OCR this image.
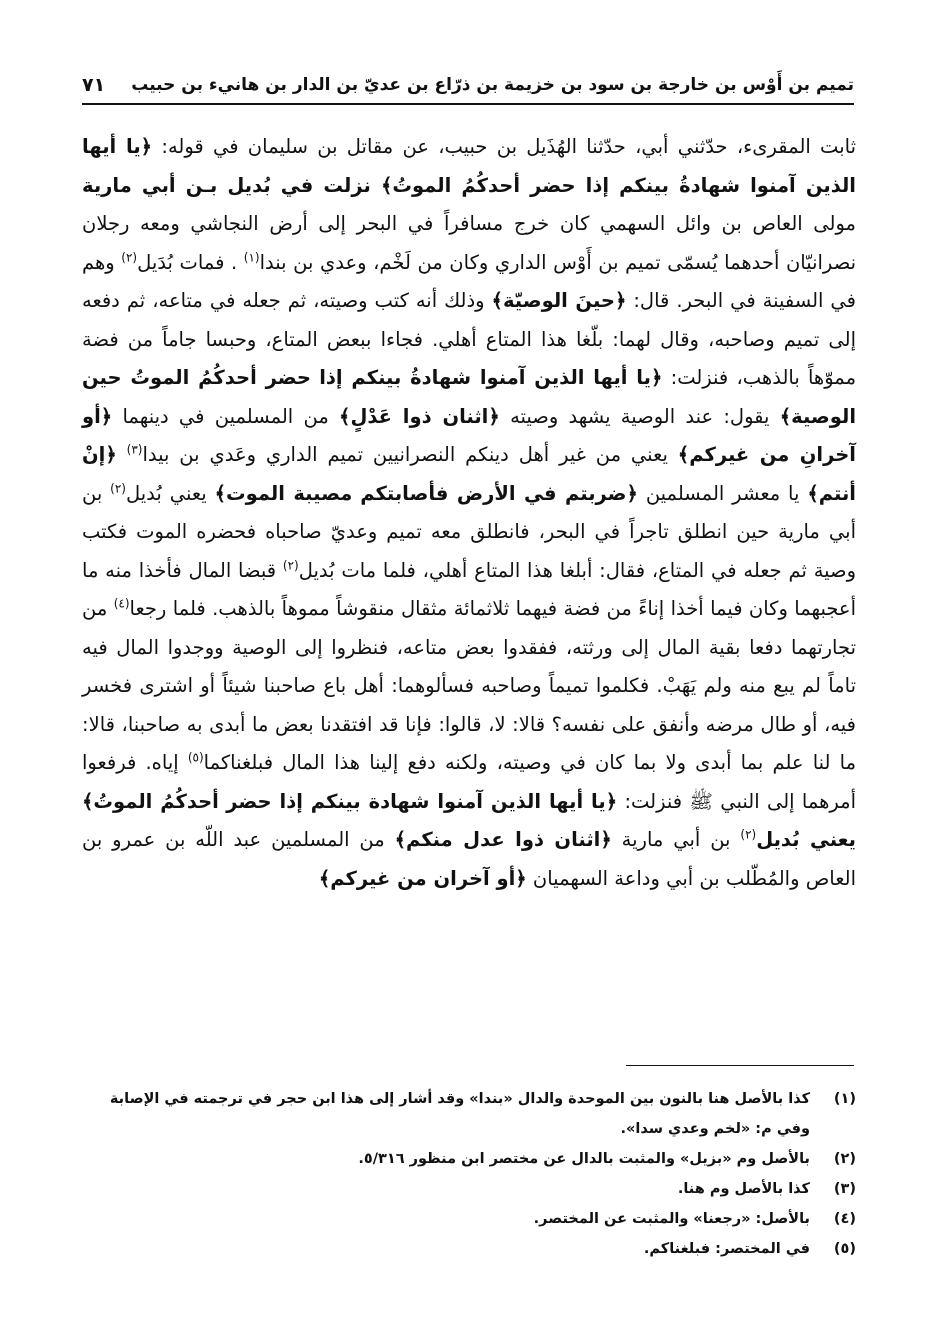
تميم بن أَوْس بن خارجة بن سود بن خزيمة بن ذرّاع بن عديّ بن الدار بن هانيء بن حبيب
٧١

ثابت المقرىء، حدّثني أبي، حدّثنا الهُذَيل بن حبيب، عن مقاتل بن سليمان في قوله: ﴿يا أيها الذين آمنوا شهادةُ بينكم إذا حضر أحدكُمُ الموتُ﴾ نزلت في بُديل بـن أبي مارية مولى العاص بن وائل السهمي كان خرج مسافراً في البحر إلى أرض النجاشي ومعه رجلان نصرانيّان أحدهما يُسمّى تميم بن أَوْس الداري وكان من لَخْم، وعدي بن بندا$^{(١)}$ . فمات بُدَيل$^{(٢)}$ وهم في السفينة في البحر. قال: ﴿حينَ الوصيّة﴾ وذلك أنه كتب وصيته، ثم جعله في متاعه، ثم دفعه إلى تميم وصاحبه، وقال لهما: بلّغا هذا المتاع أهلي. فجاءا ببعض المتاع، وحبسا جاماً من فضة مموّهاً بالذهب، فنزلت: ﴿يا أيها الذين آمنوا شهادةُ بينكم إذا حضر أحدكُمُ الموتُ حين الوصية﴾ يقول: عند الوصية يشهد وصيته ﴿اثنان ذوا عَدْلٍ﴾ من المسلمين في دينهما ﴿أو آخرانِ من غيركم﴾ يعني من غير أهل دينكم النصرانيين تميم الداري وعَدي بن بيدا$^{(٣)}$ ﴿إنْ أنتم﴾ يا معشر المسلمين ﴿ضربتم في الأرض فأصابتكم مصيبة الموت﴾ يعني بُديل$^{(٢)}$ بن أبي مارية حين انطلق تاجراً في البحر، فانطلق معه تميم وعديّ صاحباه فحضره الموت فكتب وصية ثم جعله في المتاع، فقال: أبلغا هذا المتاع أهلي، فلما مات بُديل$^{(٢)}$ قبضا المال فأخذا منه ما أعجبهما وكان فيما أخذا إناءً من فضة فيهما ثلاثمائة مثقال منقوشاً مموهاً بالذهب. فلما رجعا$^{(٤)}$ من تجارتهما دفعا بقية المال إلى ورثته، ففقدوا بعض متاعه، فنظروا إلى الوصية ووجدوا المال فيه تاماً لم يبع منه ولم يَهَبْ. فكلموا تميماً وصاحبه فسألوهما: أهل باع صاحبنا شيئاً أو اشترى فخسر فيه، أو طال مرضه وأنفق على نفسه؟ قالا: لا، قالوا: فإنا قد افتقدنا بعض ما أبدى به صاحبنا، قالا: ما لنا علم بما أبدى ولا بما كان في وصيته، ولكنه دفع إلينا هذا المال فبلغناكما$^{(٥)}$ إياه. فرفعوا أمرهما إلى النبي ﷺ فنزلت: ﴿يا أيها الذين آمنوا شهادة بينكم إذا حضر أحدكُمُ الموتُ﴾ يعني بُديل$^{(٢)}$ بن أبي مارية ﴿اثنان ذوا عدل منكم﴾ من المسلمين عبد اللّه بن عمرو بن العاص والمُطّلب بن أبي وداعة السهميان ﴿أو آخران من غيركم﴾

(١)
كذا بالأصل هنا بالنون بين الموحدة والدال «بندا» وقد أشار إلى هذا ابن حجر في ترجمته في الإصابة وفي م: «لخم وعدي سدا».
(٢)
بالأصل وم «بزيل» والمثبت بالدال عن مختصر ابن منظور ٥/٣١٦.
(٣)
كذا بالأصل وم هنا.
(٤)
بالأصل: «رجعنا» والمثبت عن المختصر.
(٥)
في المختصر: فبلغناكم.
